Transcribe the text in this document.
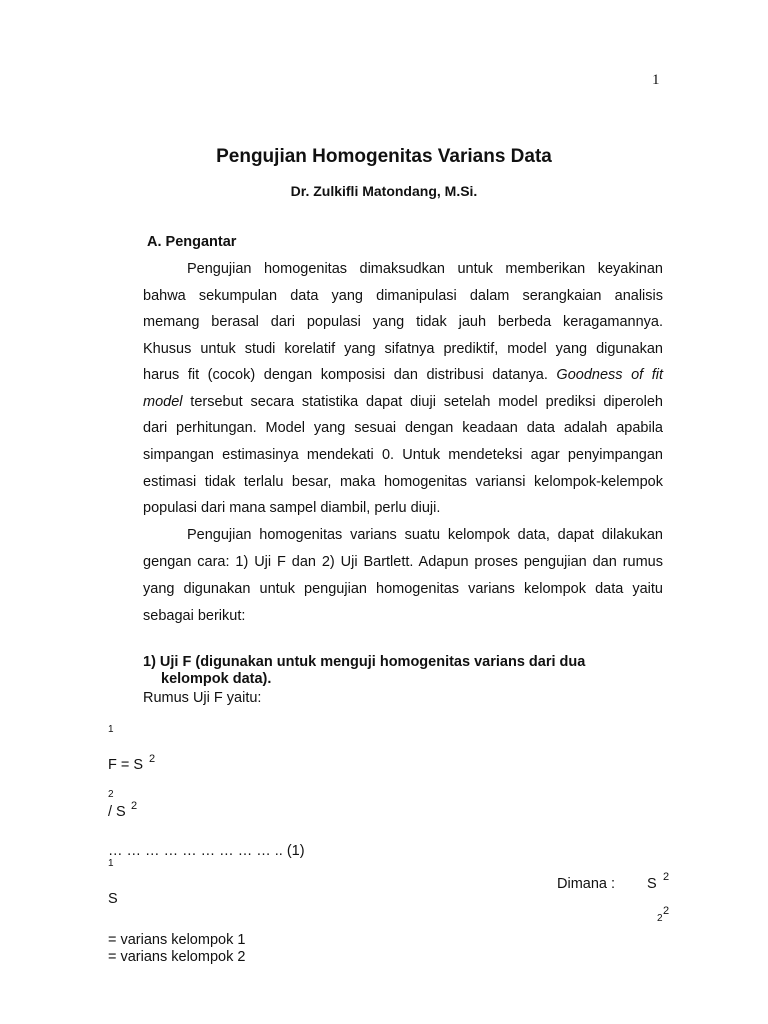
1
Pengujian Homogenitas Varians Data
Dr. Zulkifli Matondang, M.Si.
A. Pengantar
Pengujian homogenitas dimaksudkan untuk memberikan keyakinan
bahwa sekumpulan data yang dimanipulasi dalam serangkaian analisis
memang berasal dari populasi yang tidak jauh berbeda keragamannya.
Khusus untuk studi korelatif yang sifatnya prediktif, model yang digunakan
harus fit (cocok) dengan komposisi dan distribusi datanya. Goodness of fit
model tersebut secara statistika dapat diuji setelah model prediksi diperoleh
dari perhitungan. Model yang sesuai dengan keadaan data adalah apabila
simpangan estimasinya mendekati 0. Untuk mendeteksi agar penyimpangan
estimasi tidak terlalu besar, maka homogenitas variansi kelompok-kelempok
populasi dari mana sampel diambil, perlu diuji.
Pengujian homogenitas varians suatu kelompok data, dapat dilakukan
gengan cara: 1) Uji F dan 2) Uji Bartlett. Adapun proses pengujian dan rumus
yang digunakan untuk pengujian homogenitas varians kelompok data yaitu
sebagai berikut:
1) Uji F (digunakan untuk menguji homogenitas varians dari dua
kelompok data).
Rumus Uji F yaitu:
1
F = S 2
2
/ S 2
… … … … … … … … … .. (1)
1
S
Dimana : S 2
2
2
= varians kelompok 1
= varians kelompok 2
